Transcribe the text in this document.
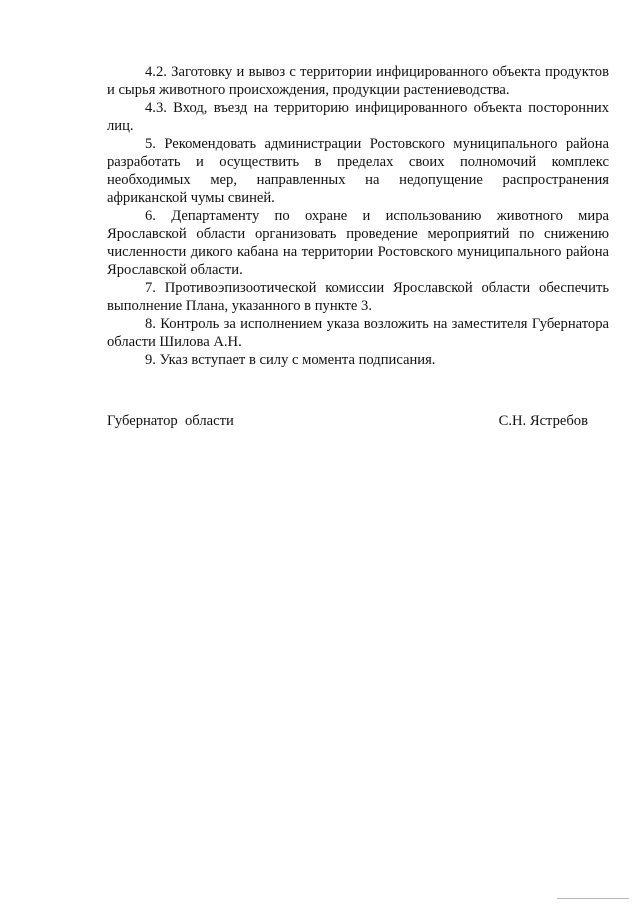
4.2. Заготовку и вывоз с территории инфицированного объекта продуктов и сырья животного происхождения, продукции растениеводства.

4.3. Вход, въезд на территорию инфицированного объекта посторонних лиц.

5. Рекомендовать администрации Ростовского муниципального района разработать и осуществить в пределах своих полномочий комплекс необходимых мер, направленных на недопущение распространения африканской чумы свиней.

6. Департаменту по охране и использованию животного мира Ярославской области организовать проведение мероприятий по снижению численности дикого кабана на территории Ростовского муниципального района Ярославской области.

7. Противоэпизоотической комиссии Ярославской области обеспечить выполнение Плана, указанного в пункте 3.

8. Контроль за исполнением указа возложить на заместителя Губернатора области Шилова А.Н.

9. Указ вступает в силу с момента подписания.

Губернатор  области	С.Н. Ястребов
